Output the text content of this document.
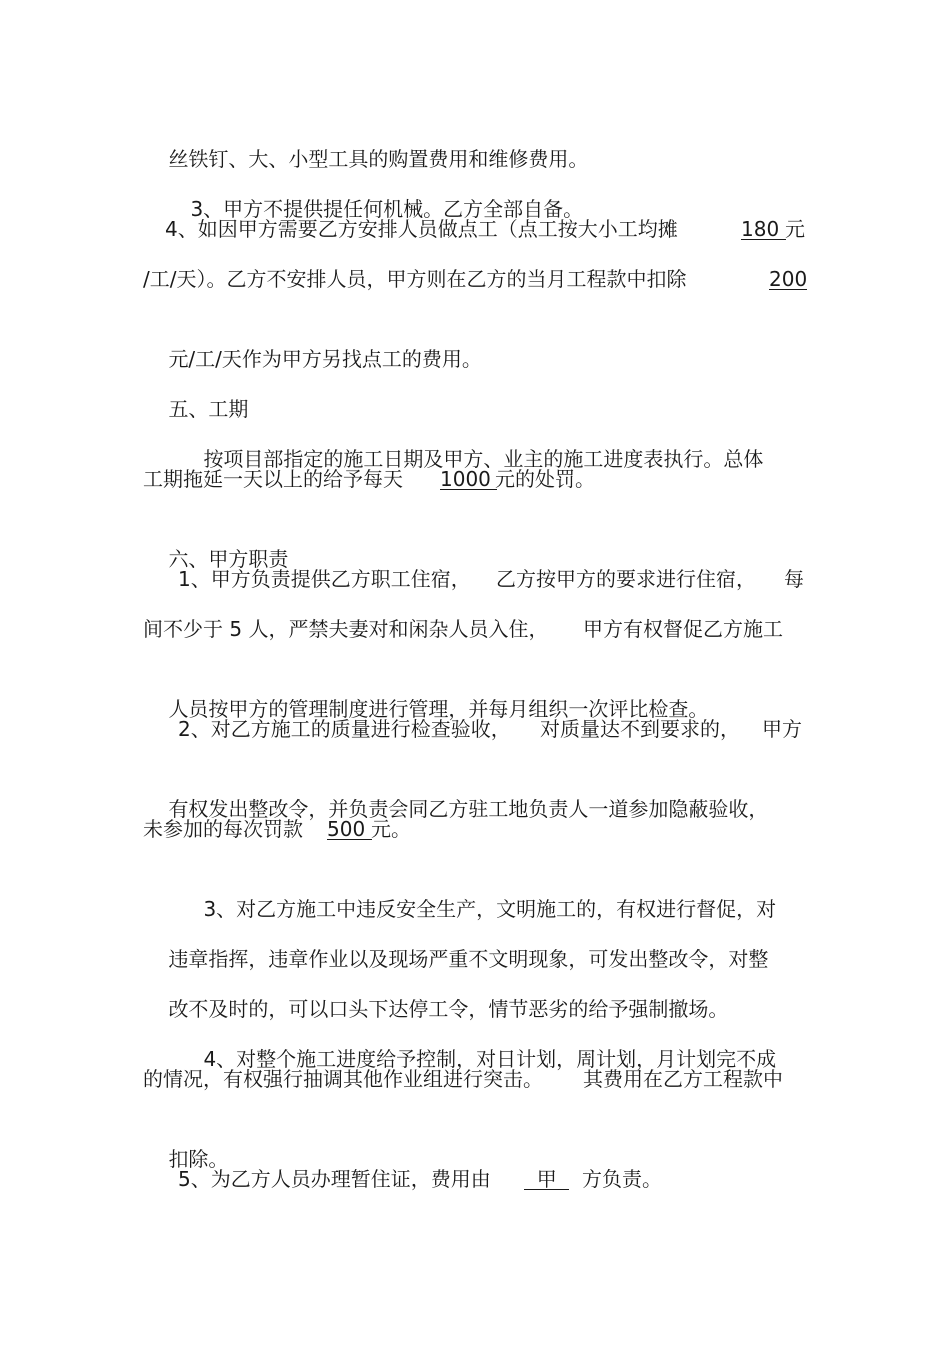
丝铁钉、大、小型工具的购置费用和维修费用。

3、甲方不提供提任何机械。乙方全部自备。

4、如因甲方需要乙方安排人员做点工（点工按大小工均摊

	180

元

/工/天）。乙方不安排人员，甲方则在乙方的当月工程款中扣除

	200

元/工/天作为甲方另找点工的费用。

五、工期

按项目部指定的施工日期及甲方、业主的施工进度表执行。总体

工期拖延一天以上的给予每天

1000

元的处罚。

六、甲方职责

1、甲方负责提供乙方职工住宿，

乙方按甲方的要求进行住宿，

每

间不少于 5 人，严禁夫妻对和闲杂人员入住，

甲方有权督促乙方施工

人员按甲方的管理制度进行管理，并每月组织一次评比检查。

2、对乙方施工的质量进行检查验收，

对质量达不到要求的，

甲方

有权发出整改令，并负责会同乙方驻工地负责人一道参加隐蔽验收，

未参加的每次罚款

500

元。

3、对乙方施工中违反安全生产，文明施工的，有权进行督促，对

违章指挥，违章作业以及现场严重不文明现象，可发出整改令，对整

改不及时的，可以口头下达停工令，情节恶劣的给予强制撤场。

4、对整个施工进度给予控制，对日计划，周计划，月计划完不成

的情况，有权强行抽调其他作业组进行突击。

其费用在乙方工程款中

扣除。

5、为乙方人员办理暂住证，费用由

甲

方负责。
